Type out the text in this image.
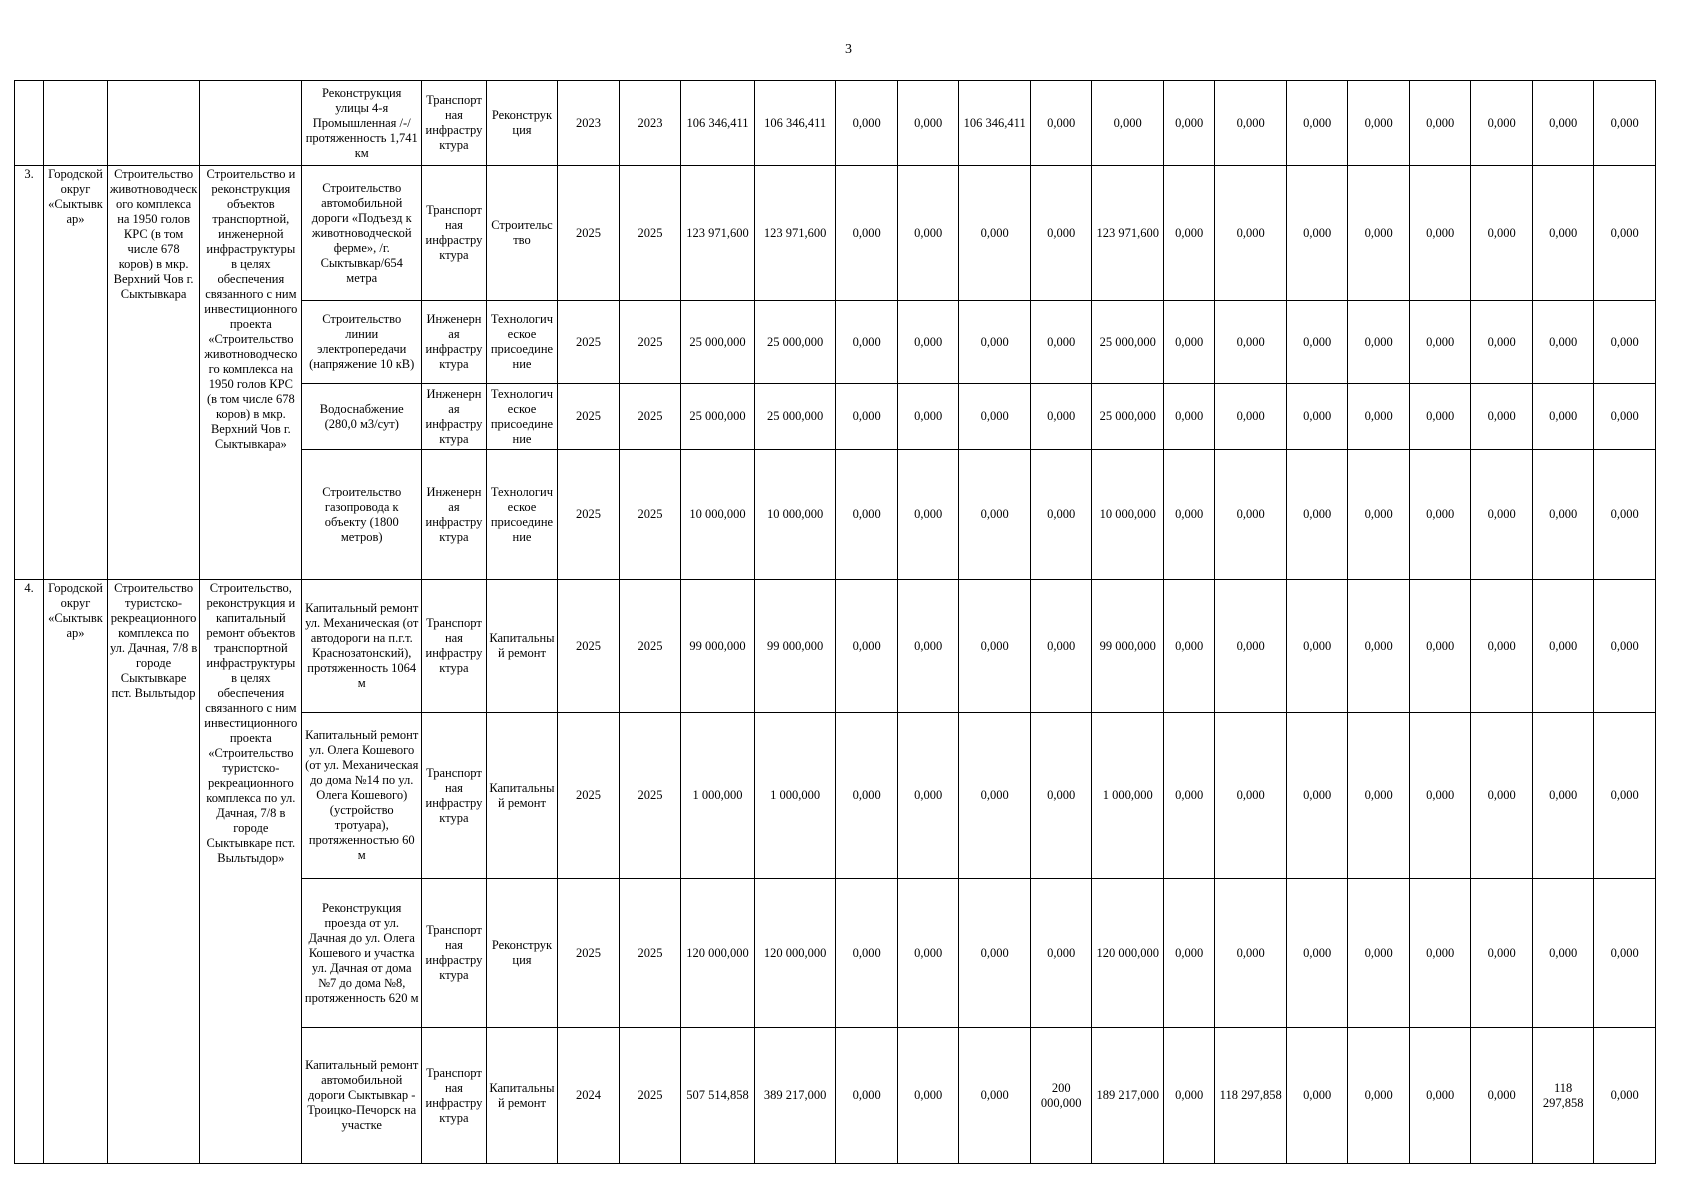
3
				Реконструкция улицы 4-я Промышленная /-/протяженность 1,741 км	Транспортная инфраструктура	Реконструкция	2023	2023	106 346,411	106 346,411	0,000	0,000	106 346,411	0,000	0,000	0,000	0,000	0,000	0,000	0,000	0,000	0,000	0,000
3.	Городской округ «Сыктывкар»	Строительство животноводческого комплекса на 1950 голов КРС (в том числе 678 коров) в мкр. Верхний Чов г. Сыктывкара	Строительство и реконструкция объектов транспортной, инженерной инфраструктуры в целях обеспечения связанного с ним инвестиционного проекта «Строительство животноводческого комплекса на 1950 голов КРС (в том числе 678 коров) в мкр. Верхний Чов г. Сыктывкара»	Строительство автомобильной дороги «Подъезд к животноводческой ферме», /г. Сыктывкар/654 метра	Транспортная инфраструктура	Строительство	2025	2025	123 971,600	123 971,600	0,000	0,000	0,000	0,000	123 971,600	0,000	0,000	0,000	0,000	0,000	0,000	0,000	0,000
				Строительство линии электропередачи (напряжение 10 кВ)	Инженерная инфраструктура	Технологическое присоединение	2025	2025	25 000,000	25 000,000	0,000	0,000	0,000	0,000	25 000,000	0,000	0,000	0,000	0,000	0,000	0,000	0,000	0,000
				Водоснабжение (280,0 м3/сут)	Инженерная инфраструктура	Технологическое присоединение	2025	2025	25 000,000	25 000,000	0,000	0,000	0,000	0,000	25 000,000	0,000	0,000	0,000	0,000	0,000	0,000	0,000	0,000
				Строительство газопровода к объекту (1800 метров)	Инженерная инфраструктура	Технологическое присоединение	2025	2025	10 000,000	10 000,000	0,000	0,000	0,000	0,000	10 000,000	0,000	0,000	0,000	0,000	0,000	0,000	0,000	0,000
4.	Городской округ «Сыктывкар»	Строительство туристско-рекреационного комплекса по ул. Дачная, 7/8 в городе Сыктывкаре пст. Выльтыдор	Строительство, реконструкция и капитальный ремонт объектов транспортной инфраструктуры в целях обеспечения связанного с ним инвестиционного проекта «Строительство туристско-рекреационного комплекса по ул. Дачная, 7/8 в городе Сыктывкаре пст. Выльтыдор»	Капитальный ремонт ул. Механическая (от автодороги на п.г.т. Краснозатонский), протяженность 1064 м	Транспортная инфраструктура	Капитальный ремонт	2025	2025	99 000,000	99 000,000	0,000	0,000	0,000	0,000	99 000,000	0,000	0,000	0,000	0,000	0,000	0,000	0,000	0,000
				Капитальный ремонт ул. Олега Кошевого (от ул. Механическая до дома №14 по ул. Олега Кошевого) (устройство тротуара), протяженностью 60 м	Транспортная инфраструктура	Капитальный ремонт	2025	2025	1 000,000	1 000,000	0,000	0,000	0,000	0,000	1 000,000	0,000	0,000	0,000	0,000	0,000	0,000	0,000	0,000
				Реконструкция проезда от ул. Дачная до ул. Олега Кошевого и участка ул. Дачная от дома №7 до дома №8, протяженность 620 м	Транспортная инфраструктура	Реконструкция	2025	2025	120 000,000	120 000,000	0,000	0,000	0,000	0,000	120 000,000	0,000	0,000	0,000	0,000	0,000	0,000	0,000	0,000
				Капитальный ремонт автомобильной дороги Сыктывкар - Троицко-Печорск на участке	Транспортная инфраструктура	Капитальный ремонт	2024	2025	507 514,858	389 217,000	0,000	0,000	0,000	200 000,000	189 217,000	0,000	118 297,858	0,000	0,000	0,000	0,000	118 297,858	0,000
